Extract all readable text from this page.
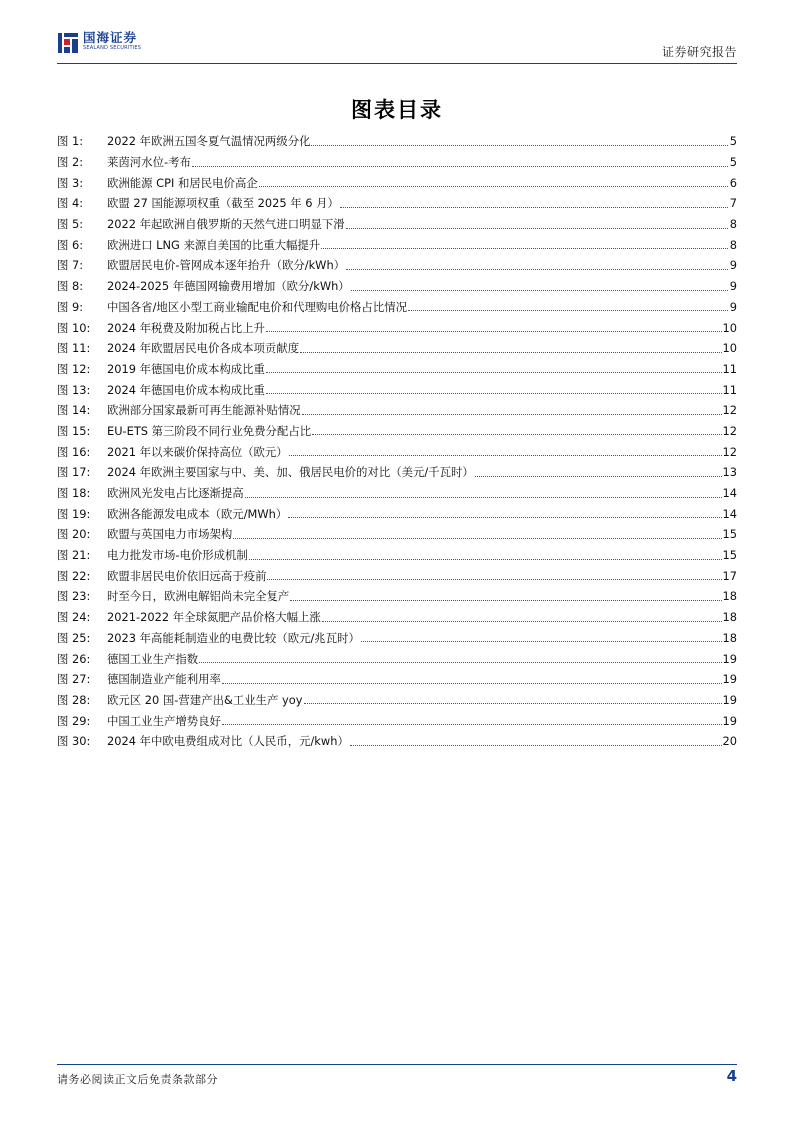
国海证券
SEALAND SECURITIES	证券研究报告
图表目录
图 1:	2022 年欧洲五国冬夏气温情况两级分化	5
图 2:	莱茵河水位-考布	5
图 3:	欧洲能源 CPI 和居民电价高企	6
图 4:	欧盟 27 国能源项权重（截至 2025 年 6 月）	7
图 5:	2022 年起欧洲自俄罗斯的天然气进口明显下滑	8
图 6:	欧洲进口 LNG 来源自美国的比重大幅提升	8
图 7:	欧盟居民电价-管网成本逐年抬升（欧分/kWh）	9
图 8:	2024-2025 年德国网输费用增加（欧分/kWh）	9
图 9:	中国各省/地区小型工商业输配电价和代理购电价格占比情况	9
图 10:	2024 年税费及附加税占比上升	10
图 11:	2024 年欧盟居民电价各成本项贡献度	10
图 12:	2019 年德国电价成本构成比重	11
图 13:	2024 年德国电价成本构成比重	11
图 14:	欧洲部分国家最新可再生能源补贴情况	12
图 15:	EU-ETS 第三阶段不同行业免费分配占比	12
图 16:	2021 年以来碳价保持高位（欧元）	12
图 17:	2024 年欧洲主要国家与中、美、加、俄居民电价的对比（美元/千瓦时）	13
图 18:	欧洲风光发电占比逐渐提高	14
图 19:	欧洲各能源发电成本（欧元/MWh）	14
图 20:	欧盟与英国电力市场架构	15
图 21:	电力批发市场-电价形成机制	15
图 22:	欧盟非居民电价依旧远高于疫前	17
图 23:	时至今日，欧洲电解铝尚未完全复产	18
图 24:	2021-2022 年全球氮肥产品价格大幅上涨	18
图 25:	2023 年高能耗制造业的电费比较（欧元/兆瓦时）	18
图 26:	德国工业生产指数	19
图 27:	德国制造业产能利用率	19
图 28:	欧元区 20 国-营建产出&工业生产 yoy	19
图 29:	中国工业生产增势良好	19
图 30:	2024 年中欧电费组成对比（人民币，元/kwh）	20
请务必阅读正文后免责条款部分	4
